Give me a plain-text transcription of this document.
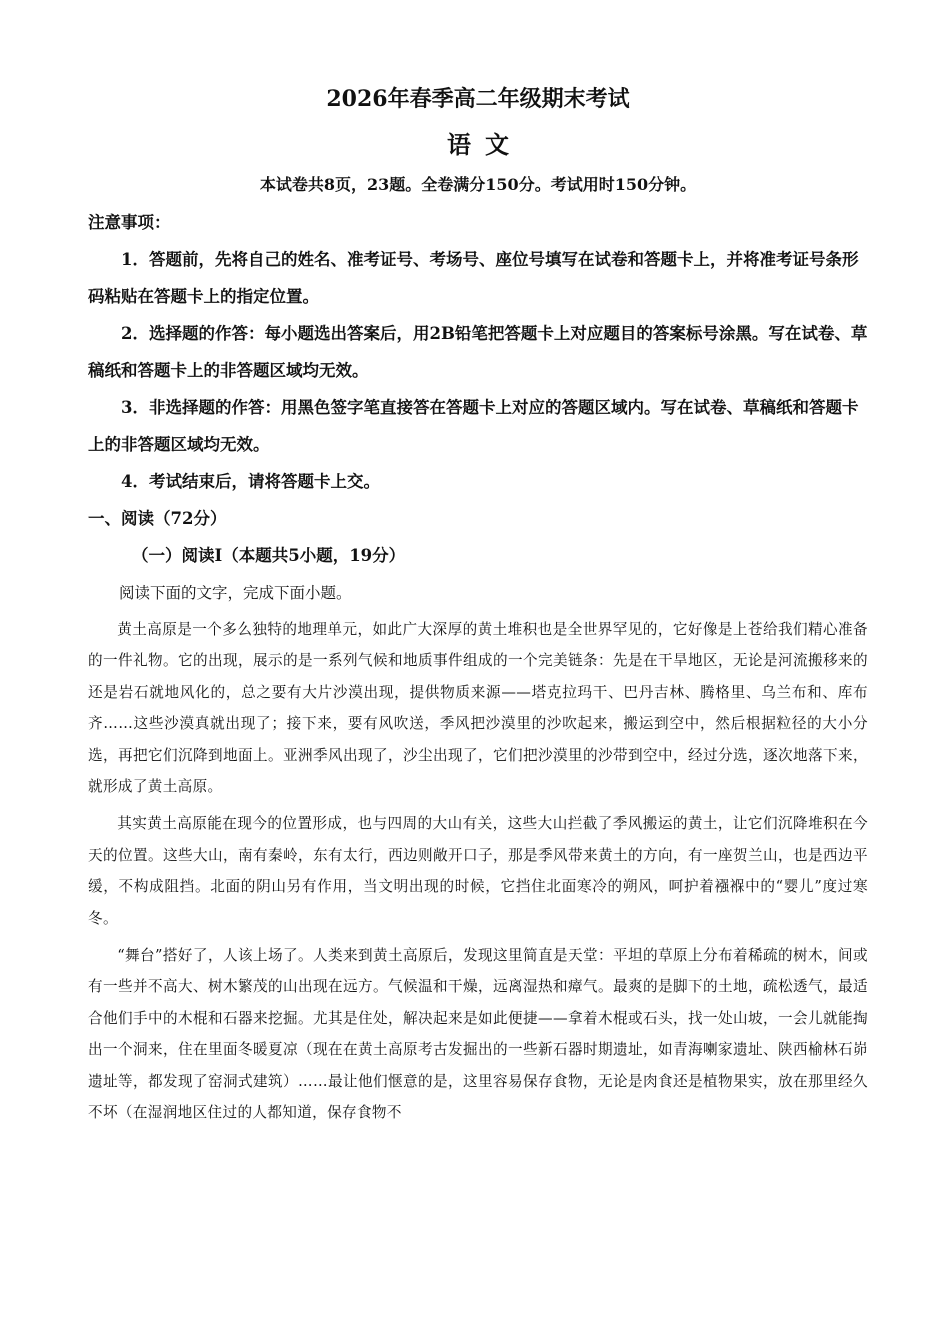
2026年春季高二年级期末考试
语文
本试卷共8页，23题。全卷满分150分。考试用时150分钟。
注意事项：

1．答题前，先将自己的姓名、准考证号、考场号、座位号填写在试卷和答题卡上，并将准考证号条形码粘贴在答题卡上的指定位置。

2．选择题的作答：每小题选出答案后，用2B铅笔把答题卡上对应题目的答案标号涂黑。写在试卷、草稿纸和答题卡上的非答题区域均无效。

3．非选择题的作答：用黑色签字笔直接答在答题卡上对应的答题区域内。写在试卷、草稿纸和答题卡上的非答题区域均无效。

4．考试结束后，请将答题卡上交。

一、阅读（72分）
（一）阅读Ⅰ（本题共5小题，19分）
阅读下面的文字，完成下面小题。

黄土高原是一个多么独特的地理单元，如此广大深厚的黄土堆积也是全世界罕见的，它好像是上苍给我们精心准备的一件礼物。它的出现，展示的是一系列气候和地质事件组成的一个完美链条：先是在干旱地区，无论是河流搬移来的还是岩石就地风化的，总之要有大片沙漠出现，提供物质来源——塔克拉玛干、巴丹吉林、腾格里、乌兰布和、库布齐……这些沙漠真就出现了；接下来，要有风吹送，季风把沙漠里的沙吹起来，搬运到空中，然后根据粒径的大小分选，再把它们沉降到地面上。亚洲季风出现了，沙尘出现了，它们把沙漠里的沙带到空中，经过分选，逐次地落下来，就形成了黄土高原。

其实黄土高原能在现今的位置形成，也与四周的大山有关，这些大山拦截了季风搬运的黄土，让它们沉降堆积在今天的位置。这些大山，南有秦岭，东有太行，西边则敞开口子，那是季风带来黄土的方向，有一座贺兰山，也是西边平缓，不构成阻挡。北面的阴山另有作用，当文明出现的时候，它挡住北面寒冷的朔风，呵护着襁褓中的“婴儿”度过寒冬。

“舞台”搭好了，人该上场了。人类来到黄土高原后，发现这里简直是天堂：平坦的草原上分布着稀疏的树木，间或有一些并不高大、树木繁茂的山出现在远方。气候温和干燥，远离湿热和瘴气。最爽的是脚下的土地，疏松透气，最适合他们手中的木棍和石器来挖掘。尤其是住处，解决起来是如此便捷——拿着木棍或石头，找一处山坡，一会儿就能掏出一个洞来，住在里面冬暖夏凉（现在在黄土高原考古发掘出的一些新石器时期遗址，如青海喇家遗址、陕西榆林石峁遗址等，都发现了窑洞式建筑）……最让他们惬意的是，这里容易保存食物，无论是肉食还是植物果实，放在那里经久不坏（在湿润地区住过的人都知道，保存食物不
